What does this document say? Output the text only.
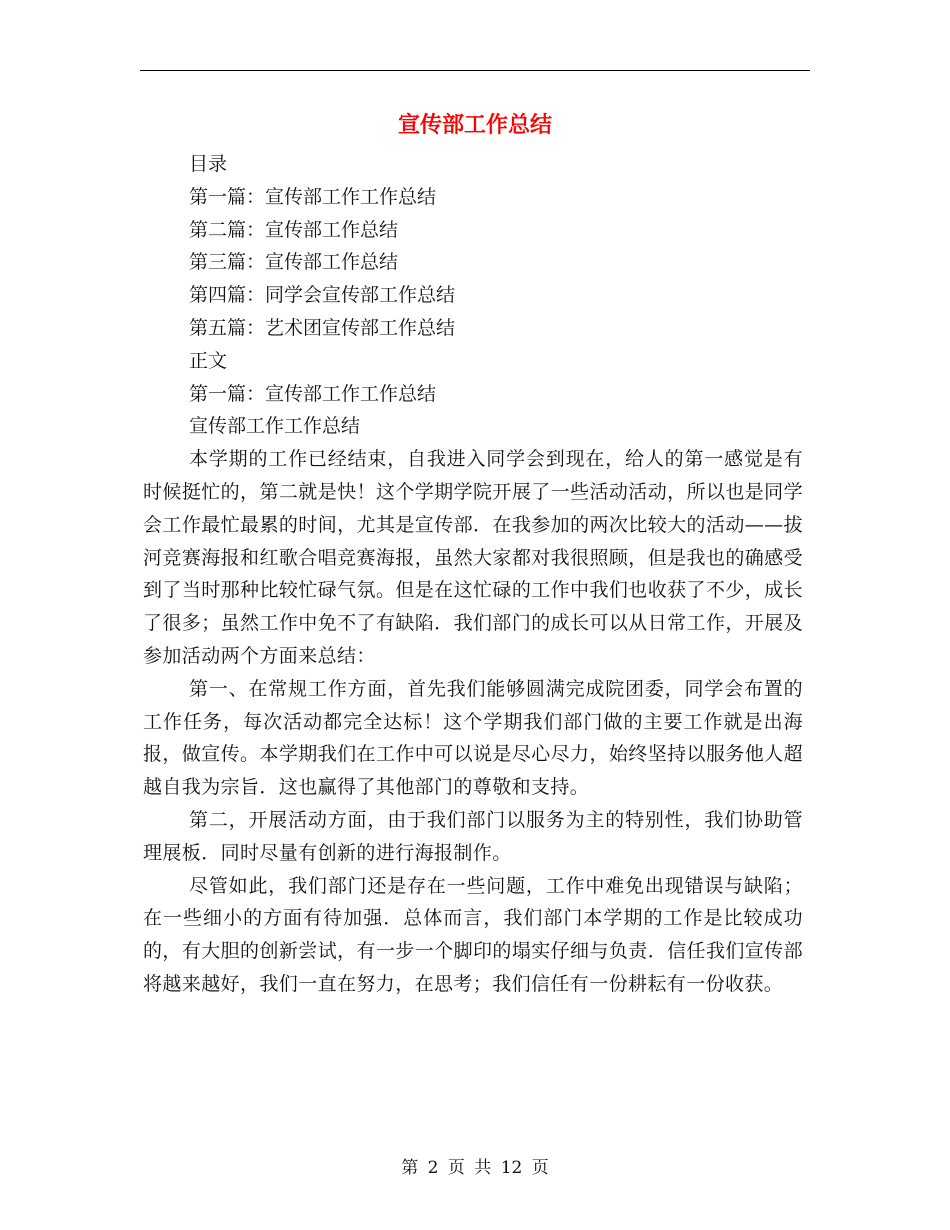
宣传部工作总结
目录
第一篇：宣传部工作工作总结
第二篇：宣传部工作总结
第三篇：宣传部工作总结
第四篇：同学会宣传部工作总结
第五篇：艺术团宣传部工作总结
正文
第一篇：宣传部工作工作总结
宣传部工作工作总结

本学期的工作已经结束，自我进入同学会到现在，给人的第一感觉是有时候挺忙的，第二就是快！这个学期学院开展了一些活动活动，所以也是同学会工作最忙最累的时间，尤其是宣传部．在我参加的两次比较大的活动——拔河竞赛海报和红歌合唱竞赛海报，虽然大家都对我很照顾，但是我也的确感受到了当时那种比较忙碌气氛。但是在这忙碌的工作中我们也收获了不少，成长了很多；虽然工作中免不了有缺陷．我们部门的成长可以从日常工作，开展及参加活动两个方面来总结：

第一、在常规工作方面，首先我们能够圆满完成院团委，同学会布置的工作任务，每次活动都完全达标！这个学期我们部门做的主要工作就是出海报，做宣传。本学期我们在工作中可以说是尽心尽力，始终坚持以服务他人超越自我为宗旨．这也赢得了其他部门的尊敬和支持。

第二，开展活动方面，由于我们部门以服务为主的特别性，我们协助管理展板．同时尽量有创新的进行海报制作。

尽管如此，我们部门还是存在一些问题，工作中难免出现错误与缺陷；在一些细小的方面有待加强．总体而言，我们部门本学期的工作是比较成功的，有大胆的创新尝试，有一步一个脚印的塌实仔细与负责．信任我们宣传部将越来越好，我们一直在努力，在思考；我们信任有一份耕耘有一份收获。

第 2 页 共 12 页
